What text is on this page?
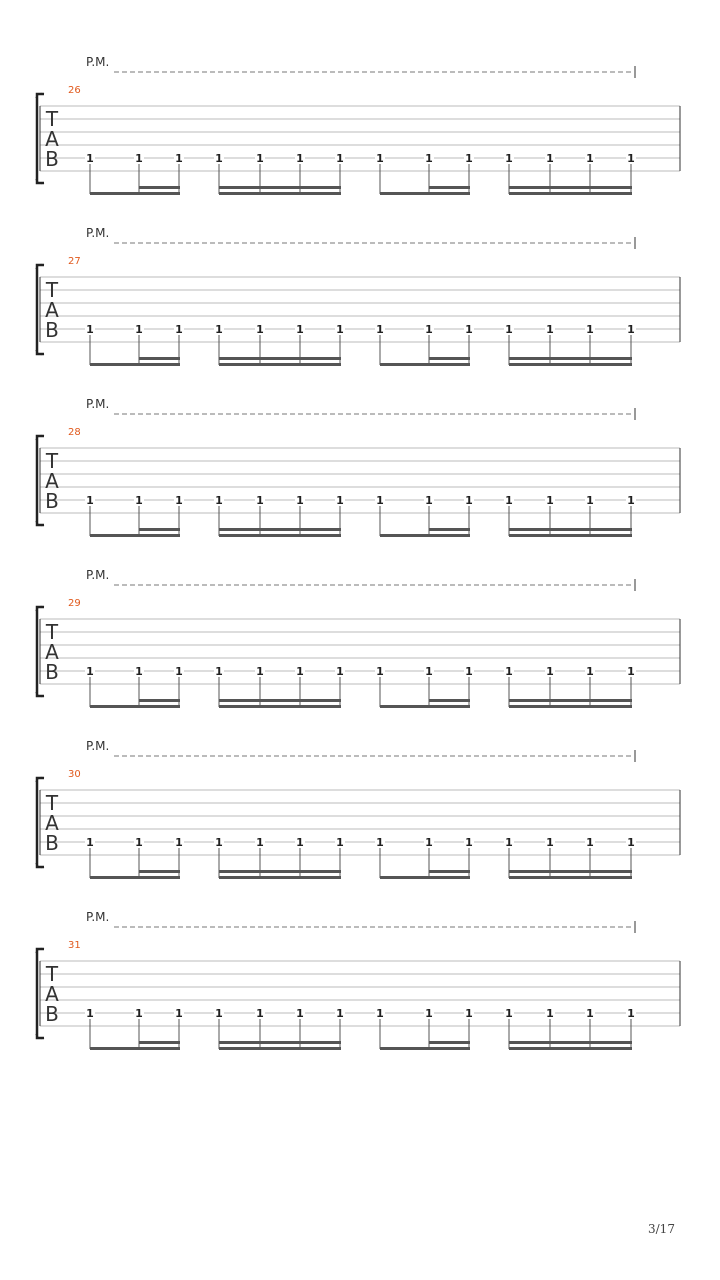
P.M.
26
T
A
B 1	1	1	1	1	1	1	1	1	1	1	1	1	1
P.M.
27
T
A
B 1	1	1	1	1	1	1	1	1	1	1	1	1	1
P.M.
28
T
A
B 1	1	1	1	1	1	1	1	1	1	1	1	1	1
P.M.
29
T
A
B 1	1	1	1	1	1	1	1	1	1	1	1	1	1
P.M.
30
T
A
B 1	1	1	1	1	1	1	1	1	1	1	1	1	1
P.M.
31
T
A
B 1	1	1	1	1	1	1	1	1	1	1	1	1	1
3/17
